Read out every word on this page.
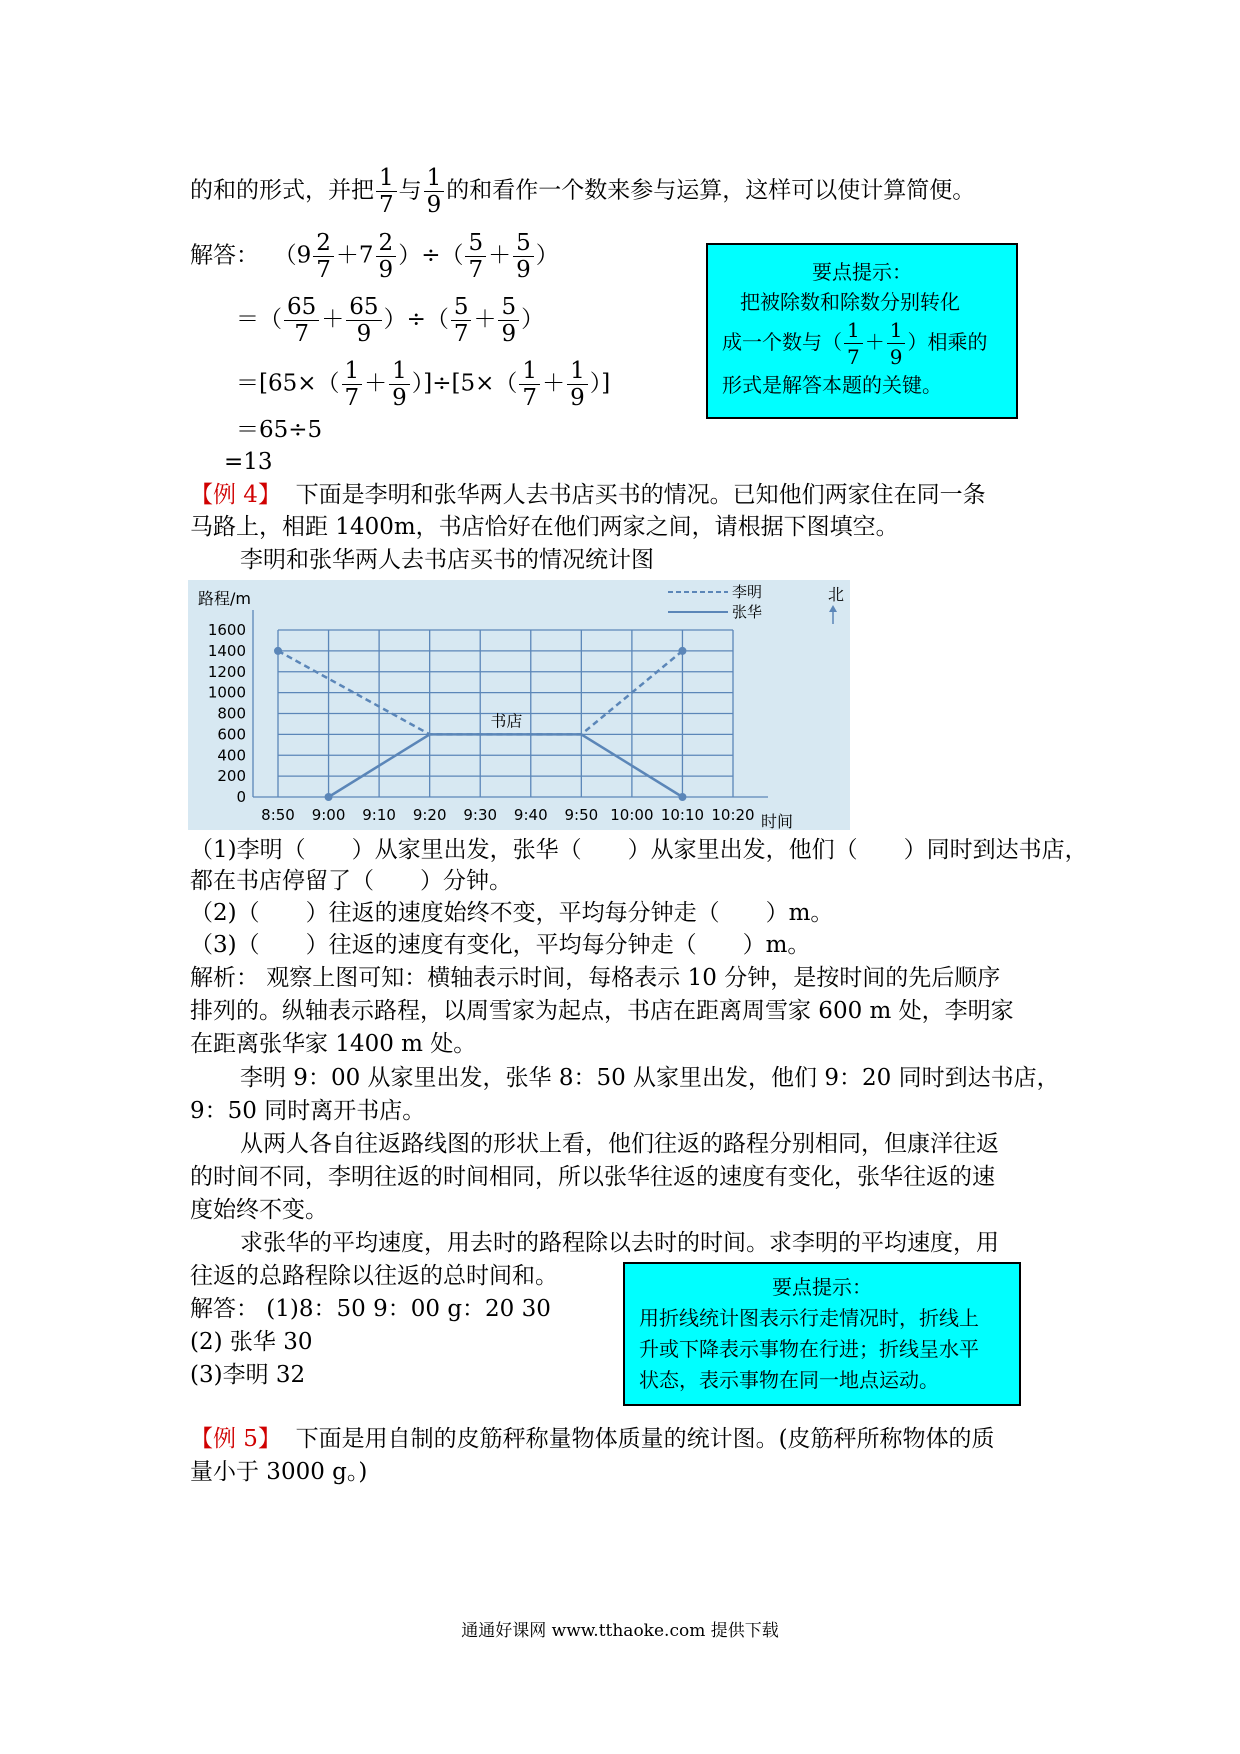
的和的形式，并把 $\frac{1}{7}$ 与 $\frac{1}{9}$ 的和看作一个数来参与运算，这样可以使计算简便。
解答： （$9 \frac{2}{7} +7 \frac{2}{9}$ ）÷（ $\frac{5}{7} + \frac{5}{9}$ ）
＝（ $\frac{65}{7} + \frac{65}{9}$ ）÷（ $\frac{5}{7} + \frac{5}{9}$ ）
$=[65\times( \frac{1}{7} + \frac{1}{9} )]\div[5\times( \frac{1}{7} + \frac{1}{9}$ ）]
＝65÷5
=13
要点提示：
把被除数和除数分别转化
成一个数与（ $\frac{1}{7} + \frac{1}{9}$ ）相乘的
形式是解答本题的关键。
【例 4】 下面是李明和张华两人去书店买书的情况。已知他们两家住在同一条
马路上，相距 1400m，书店恰好在他们两家之间，请根据下图填空。
李明和张华两人去书店买书的情况统计图
0
200
400
600
800
1000
1200
1400
1600
8:50 9:00 9:10 9:20 9:30 9:40 9:50 10:00 10:10 10:20
路程/m
时间
书店
李明
张华
北
（1)李明（　　）从家里出发，张华（　　）从家里出发，他们（　　）同时到达书店，
都在书店停留了（　　）分钟。
（2)（　　）往返的速度始终不变，平均每分钟走（　　）m。
（3)（　　）往返的速度有变化，平均每分钟走（　　）m。
解析： 观察上图可知：横轴表示时间，每格表示 10 分钟，是按时间的先后顺序
排列的。纵轴表示路程，以周雪家为起点，书店在距离周雪家 600 m 处，李明家
在距离张华家 1400 m 处。
李明 9：00 从家里出发，张华 8：50 从家里出发，他们 9：20 同时到达书店，
9：50 同时离开书店。
从两人各自往返路线图的形状上看，他们往返的路程分别相同，但康洋往返
的时间不同，李明往返的时间相同，所以张华往返的速度有变化，张华往返的速
度始终不变。
求张华的平均速度，用去时的路程除以去时的时间。求李明的平均速度，用
往返的总路程除以往返的总时间和。
解答： (1)8：50 9：00 g：20 30
(2) 张华 30
(3)李明 32
要点提示：
用折线统计图表示行走情况时，折线上
升或下降表示事物在行进；折线呈水平
状态，表示事物在同一地点运动。
【例 5】 下面是用自制的皮筋秤称量物体质量的统计图。(皮筋秤所称物体的质
量小于 3000 g。)
通通好课网 www.tthaoke.com 提供下载
